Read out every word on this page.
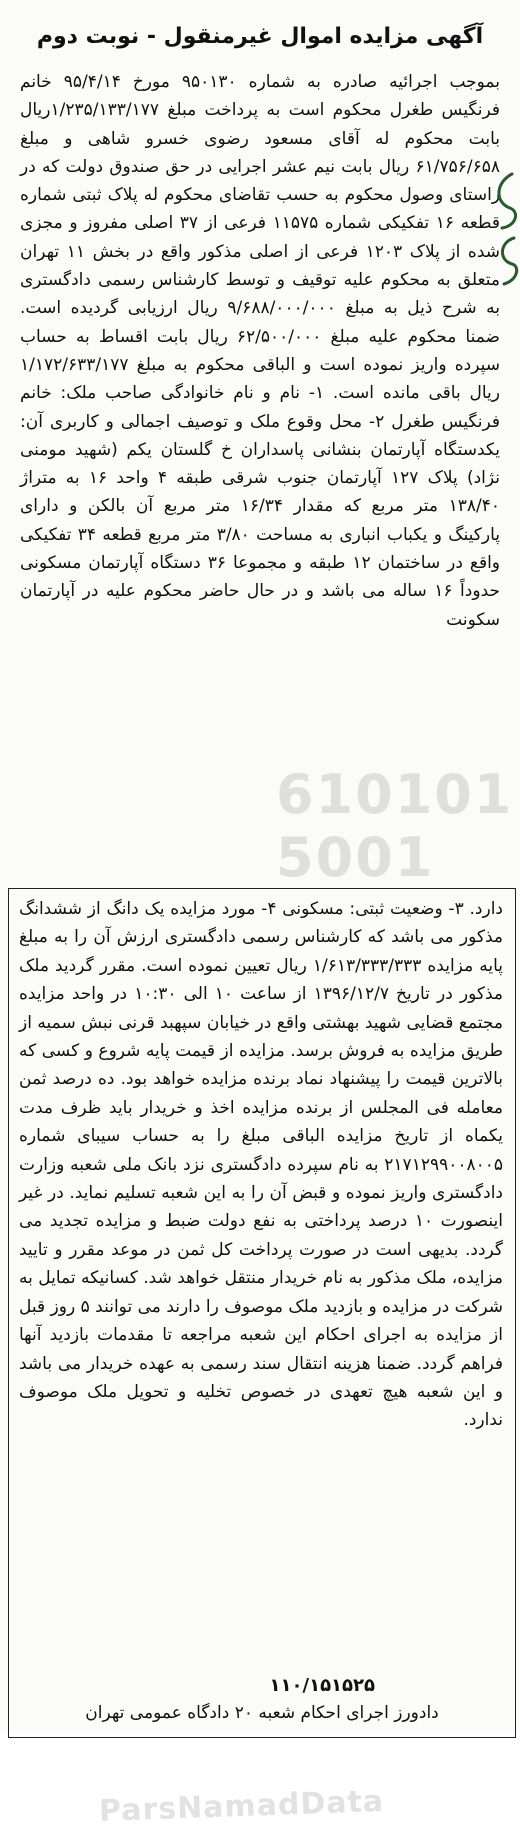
آگهی مزایده اموال غیرمنقول - نوبت دوم
بموجب اجرائیه صادره به شماره ۹۵۰۱۳۰ مورخ ۹۵/۴/۱۴ خانم فرنگیس طغرل محکوم است به پرداخت مبلغ ۱/۲۳۵/۱۳۳/۱۷۷ریال بابت محکوم له آقای مسعود رضوی خسرو شاهی و مبلغ ۶۱/۷۵۶/۶۵۸ ریال بابت نیم عشر اجرایی در حق صندوق دولت که در راستای وصول محکوم به حسب تقاضای محکوم له پلاک ثبتی شماره قطعه ۱۶ تفکیکی شماره ۱۱۵۷۵ فرعی از ۳۷ اصلی مفروز و مجزی شده از پلاک ۱۲۰۳ فرعی از اصلی مذکور واقع در بخش ۱۱ تهران متعلق به محکوم علیه توقیف و توسط کارشناس رسمی دادگستری به شرح ذیل به مبلغ ۹/۶۸۸/۰۰۰/۰۰۰ ریال ارزیابی گردیده است. ضمنا محکوم علیه مبلغ ۶۲/۵۰۰/۰۰۰ ریال بابت اقساط به حساب سپرده واریز نموده است و الباقی محکوم به مبلغ ۱/۱۷۲/۶۳۳/۱۷۷ ریال باقی مانده است. ۱- نام و نام خانوادگی صاحب ملک: خانم فرنگیس طغرل ۲- محل وقوع ملک و توصیف اجمالی و کاربری آن: یکدستگاه آپارتمان بنشانی پاسداران خ گلستان یکم (شهید مومنی نژاد) پلاک ۱۲۷ آپارتمان جنوب شرقی طبقه ۴ واحد ۱۶ به متراژ ۱۳۸/۴۰ متر مربع که مقدار ۱۶/۳۴ متر مربع آن بالکن و دارای پارکینگ و یکباب انباری به مساحت ۳/۸۰ متر مربع قطعه ۳۴ تفکیکی واقع در ساختمان ۱۲ طبقه و مجموعا ۳۶ دستگاه آپارتمان مسکونی حدوداً ۱۶ ساله می باشد و در حال حاضر محکوم علیه در آپارتمان سکونت
610101 5001
دارد. ۳- وضعیت ثبتی: مسکونی ۴- مورد مزایده یک دانگ از ششدانگ مذکور می باشد که کارشناس رسمی دادگستری ارزش آن را به مبلغ پایه مزایده ۱/۶۱۳/۳۳۳/۳۳۳ ریال تعیین نموده است. مقرر گردید ملک مذکور در تاریخ ۱۳۹۶/۱۲/۷ از ساعت ۱۰ الی ۱۰:۳۰ در واحد مزایده مجتمع قضایی شهید بهشتی واقع در خیابان سپهبد قرنی نبش سمیه از طریق مزایده به فروش برسد. مزایده از قیمت پایه شروع و کسی که بالاترین قیمت را پیشنهاد نماد برنده مزایده خواهد بود. ده درصد ثمن معامله فی المجلس از برنده مزایده اخذ و خریدار باید ظرف مدت یکماه از تاریخ مزایده الباقی مبلغ را به حساب سیبای شماره ۲۱۷۱۲۹۹۰۰۸۰۰۵ به نام سپرده دادگستری نزد بانک ملی شعبه وزارت دادگستری واریز نموده و قبض آن را به این شعبه تسلیم نماید. در غیر اینصورت ۱۰ درصد پرداختی به نفع دولت ضبط و مزایده تجدید می گردد. بدیهی است در صورت پرداخت کل ثمن در موعد مقرر و تایید مزایده، ملک مذکور به نام خریدار منتقل خواهد شد. کسانیکه تمایل به شرکت در مزایده و بازدید ملک موصوف را دارند می توانند ۵ روز قبل از مزایده به اجرای احکام این شعبه مراجعه تا مقدمات بازدید آنها فراهم گردد. ضمنا هزینه انتقال سند رسمی به عهده خریدار می باشد و این شعبه هیچ تعهدی در خصوص تخلیه و تحویل ملک موصوف ندارد.
ParsNamadData
۱۱۰/۱۵۱۵۲۵
دادورز اجرای احکام شعبه ۲۰ دادگاه عمومی تهران
